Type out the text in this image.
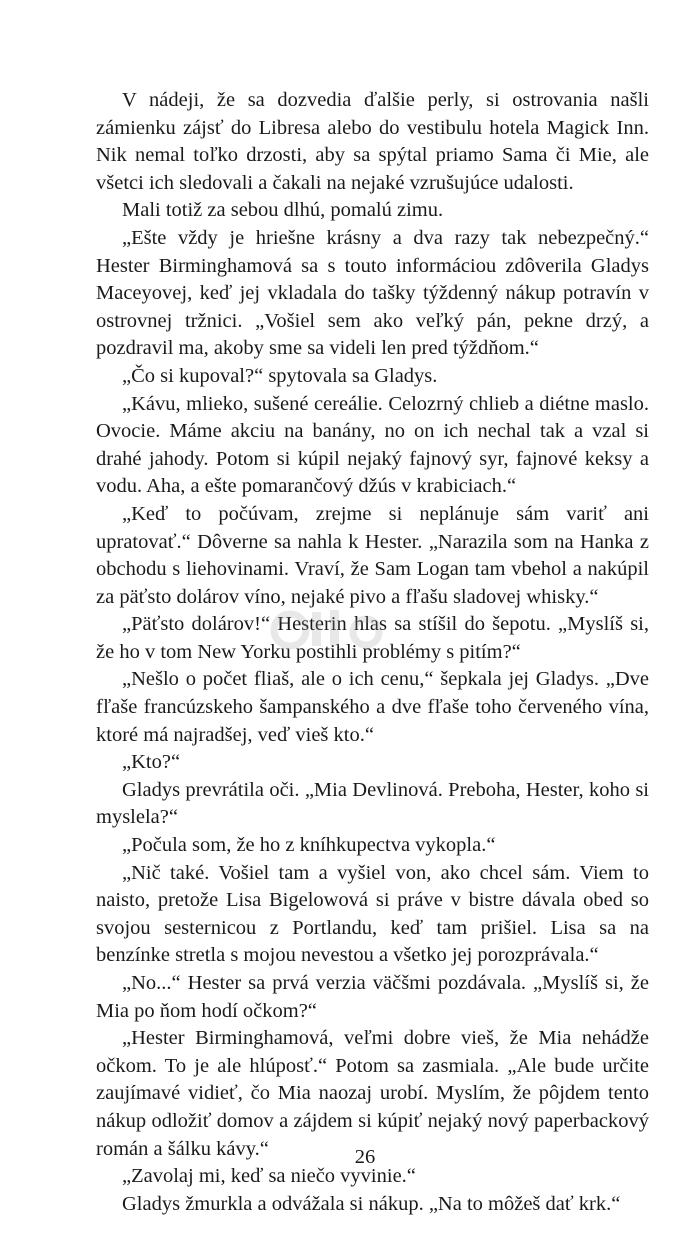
V nádeji, že sa dozvedia ďalšie perly, si ostrovania našli zámienku zájsť do Libresa alebo do vestibulu hotela Magick Inn. Nik nemal toľko drzosti, aby sa spýtal priamo Sama či Mie, ale všetci ich sledovali a čakali na nejaké vzrušujúce udalosti.

Mali totiž za sebou dlhú, pomalú zimu.

„Ešte vždy je hriešne krásny a dva razy tak nebezpečný.“ Hester Birminghamová sa s touto informáciou zdôverila Gladys Maceyovej, keď jej vkladala do tašky týždenný nákup potravín v ostrovnej tržnici. „Vošiel sem ako veľký pán, pekne drzý, a pozdravil ma, akoby sme sa videli len pred týždňom.“

„Čo si kupoval?“ spytovala sa Gladys.

„Kávu, mlieko, sušené cereálie. Celozrný chlieb a diétne maslo. Ovocie. Máme akciu na banány, no on ich nechal tak a vzal si drahé jahody. Potom si kúpil nejaký fajnový syr, fajnové keksy a vodu. Aha, a ešte pomarančový džús v krabiciach.“

„Keď to počúvam, zrejme si neplánuje sám variť ani upratovať.“ Dôverne sa nahla k Hester. „Narazila som na Hanka z obchodu s liehovinami. Vraví, že Sam Logan tam vbehol a nakúpil za päťsto dolárov víno, nejaké pivo a fľašu sladovej whisky.“

„Päťsto dolárov!“ Hesterin hlas sa stíšil do šepotu. „Myslíš si, že ho v tom New Yorku postihli problémy s pitím?“

„Nešlo o počet fliaš, ale o ich cenu,“ šepkala jej Gladys. „Dve fľaše francúzskeho šampanského a dve fľaše toho červeného vína, ktoré má najradšej, veď vieš kto.“

„Kto?“

Gladys prevrátila oči. „Mia Devlinová. Preboha, Hester, koho si myslela?“

„Počula som, že ho z kníhkupectva vykopla.“

„Nič také. Vošiel tam a vyšiel von, ako chcel sám. Viem to naisto, pretože Lisa Bigelowová si práve v bistre dávala obed so svojou sesternicou z Portlandu, keď tam prišiel. Lisa sa na benzínke stretla s mojou nevestou a všetko jej porozprávala.“

„No...“ Hester sa prvá verzia väčšmi pozdávala. „Myslíš si, že Mia po ňom hodí očkom?“

„Hester Birminghamová, veľmi dobre vieš, že Mia nehádže očkom. To je ale hlúposť.“ Potom sa zasmiala. „Ale bude určite zaujímavé vidieť, čo Mia naozaj urobí. Myslím, že pôjdem tento nákup odložiť domov a zájdem si kúpiť nejaký nový paperbackový román a šálku kávy.“

„Zavolaj mi, keď sa niečo vyvinie.“

Gladys žmurkla a odvážala si nákup. „Na to môžeš dať krk.“

26
